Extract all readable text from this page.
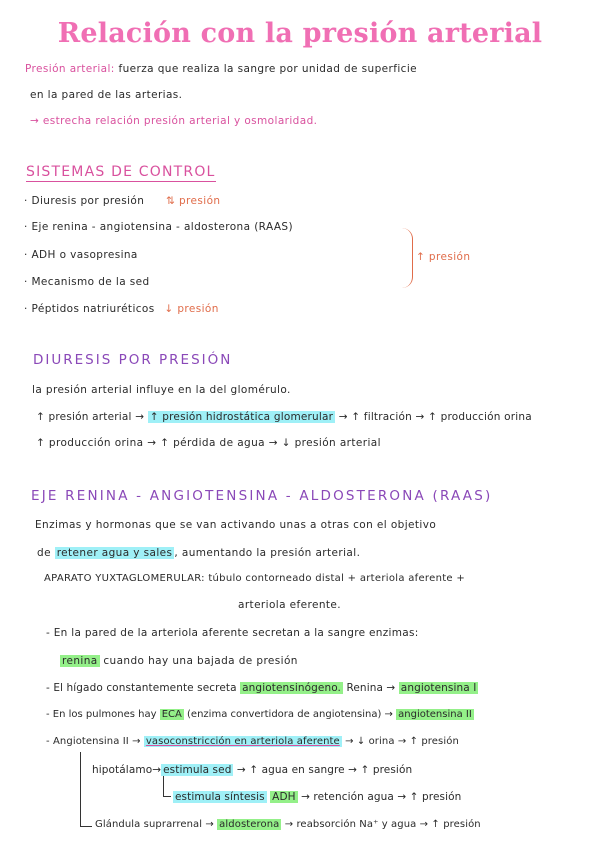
Relación con la presión arterial
Presión arterial: fuerza que realiza la sangre por unidad de superficie
en la pared de las arterias.
→ estrecha relación presión arterial y osmolaridad.
SISTEMAS DE CONTROL
· Diuresis por presión ⇅ presión
· Eje renina - angiotensina - aldosterona (RAAS)
· ADH o vasopresina
· Mecanismo de la sed
· Péptidos natriuréticos ↓ presión
↑ presión
DIURESIS POR PRESIÓN
la presión arterial influye en la del glomérulo.
↑ presión arterial → ↑ presión hidrostática glomerular → ↑ filtración → ↑ producción orina
↑ producción orina → ↑ pérdida de agua → ↓ presión arterial
EJE RENINA - ANGIOTENSINA - ALDOSTERONA (RAAS)
Enzimas y hormonas que se van activando unas a otras con el objetivo
de retener agua y sales , aumentando la presión arterial.
APARATO YUXTAGLOMERULAR: túbulo contorneado distal + arteriola aferente +
arteriola eferente.
- En la pared de la arteriola aferente secretan a la sangre enzimas:
renina cuando hay una bajada de presión
- El hígado constantemente secreta angiotensinógeno. Renina → angiotensina I
- En los pulmones hay ECA (enzima convertidora de angiotensina) → angiotensina II
- Angiotensina II → vasoconstricción en arteriola aferente → ↓ orina → ↑ presión
hipotálamo→ estimula sed → ↑ agua en sangre → ↑ presión
estimula síntesis ADH → retención agua → ↑ presión
Glándula suprarrenal → aldosterona → reabsorción Na⁺ y agua → ↑ presión
